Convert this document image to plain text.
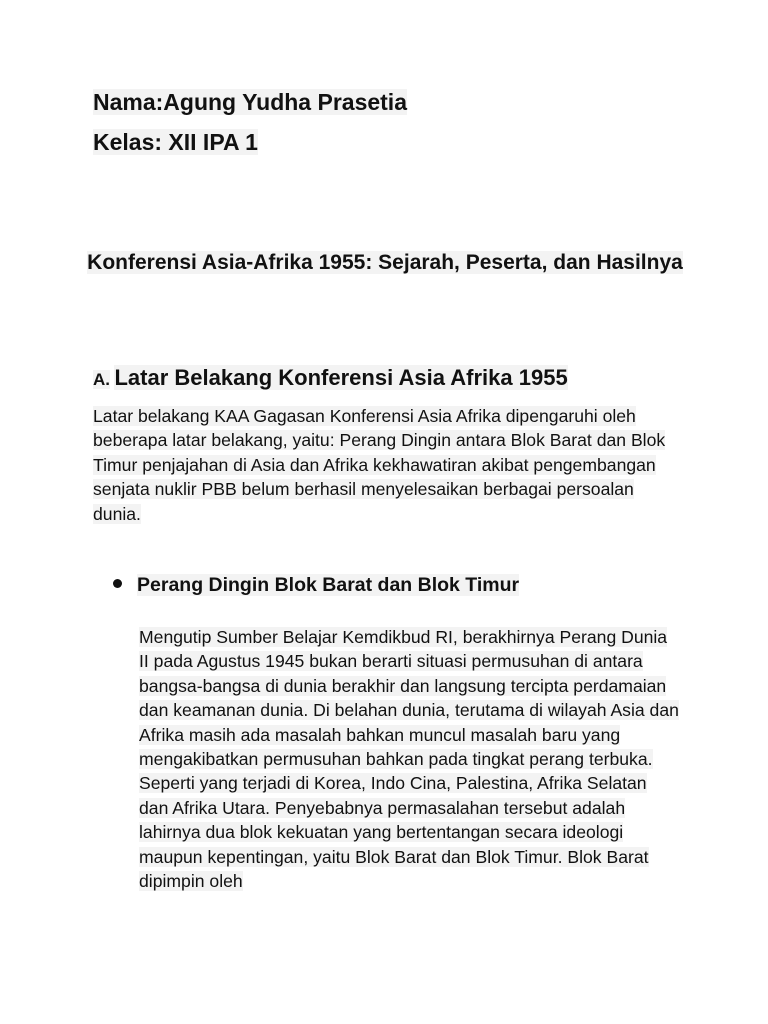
Nama:Agung Yudha Prasetia
Kelas: XII IPA 1
Konferensi Asia-Afrika 1955: Sejarah, Peserta, dan Hasilnya
A. Latar Belakang Konferensi Asia Afrika 1955
Latar belakang KAA Gagasan Konferensi Asia Afrika dipengaruhi oleh beberapa latar belakang, yaitu: Perang Dingin antara Blok Barat dan Blok Timur penjajahan di Asia dan Afrika kekhawatiran akibat pengembangan senjata nuklir PBB belum berhasil menyelesaikan berbagai persoalan dunia.
Perang Dingin Blok Barat dan Blok Timur
Mengutip Sumber Belajar Kemdikbud RI, berakhirnya Perang Dunia II pada Agustus 1945 bukan berarti situasi permusuhan di antara bangsa-bangsa di dunia berakhir dan langsung tercipta perdamaian dan keamanan dunia. Di belahan dunia, terutama di wilayah Asia dan Afrika masih ada masalah bahkan muncul masalah baru yang mengakibatkan permusuhan bahkan pada tingkat perang terbuka. Seperti yang terjadi di Korea, Indo Cina, Palestina, Afrika Selatan dan Afrika Utara. Penyebabnya permasalahan tersebut adalah lahirnya dua blok kekuatan yang bertentangan secara ideologi maupun kepentingan, yaitu Blok Barat dan Blok Timur. Blok Barat dipimpin oleh
